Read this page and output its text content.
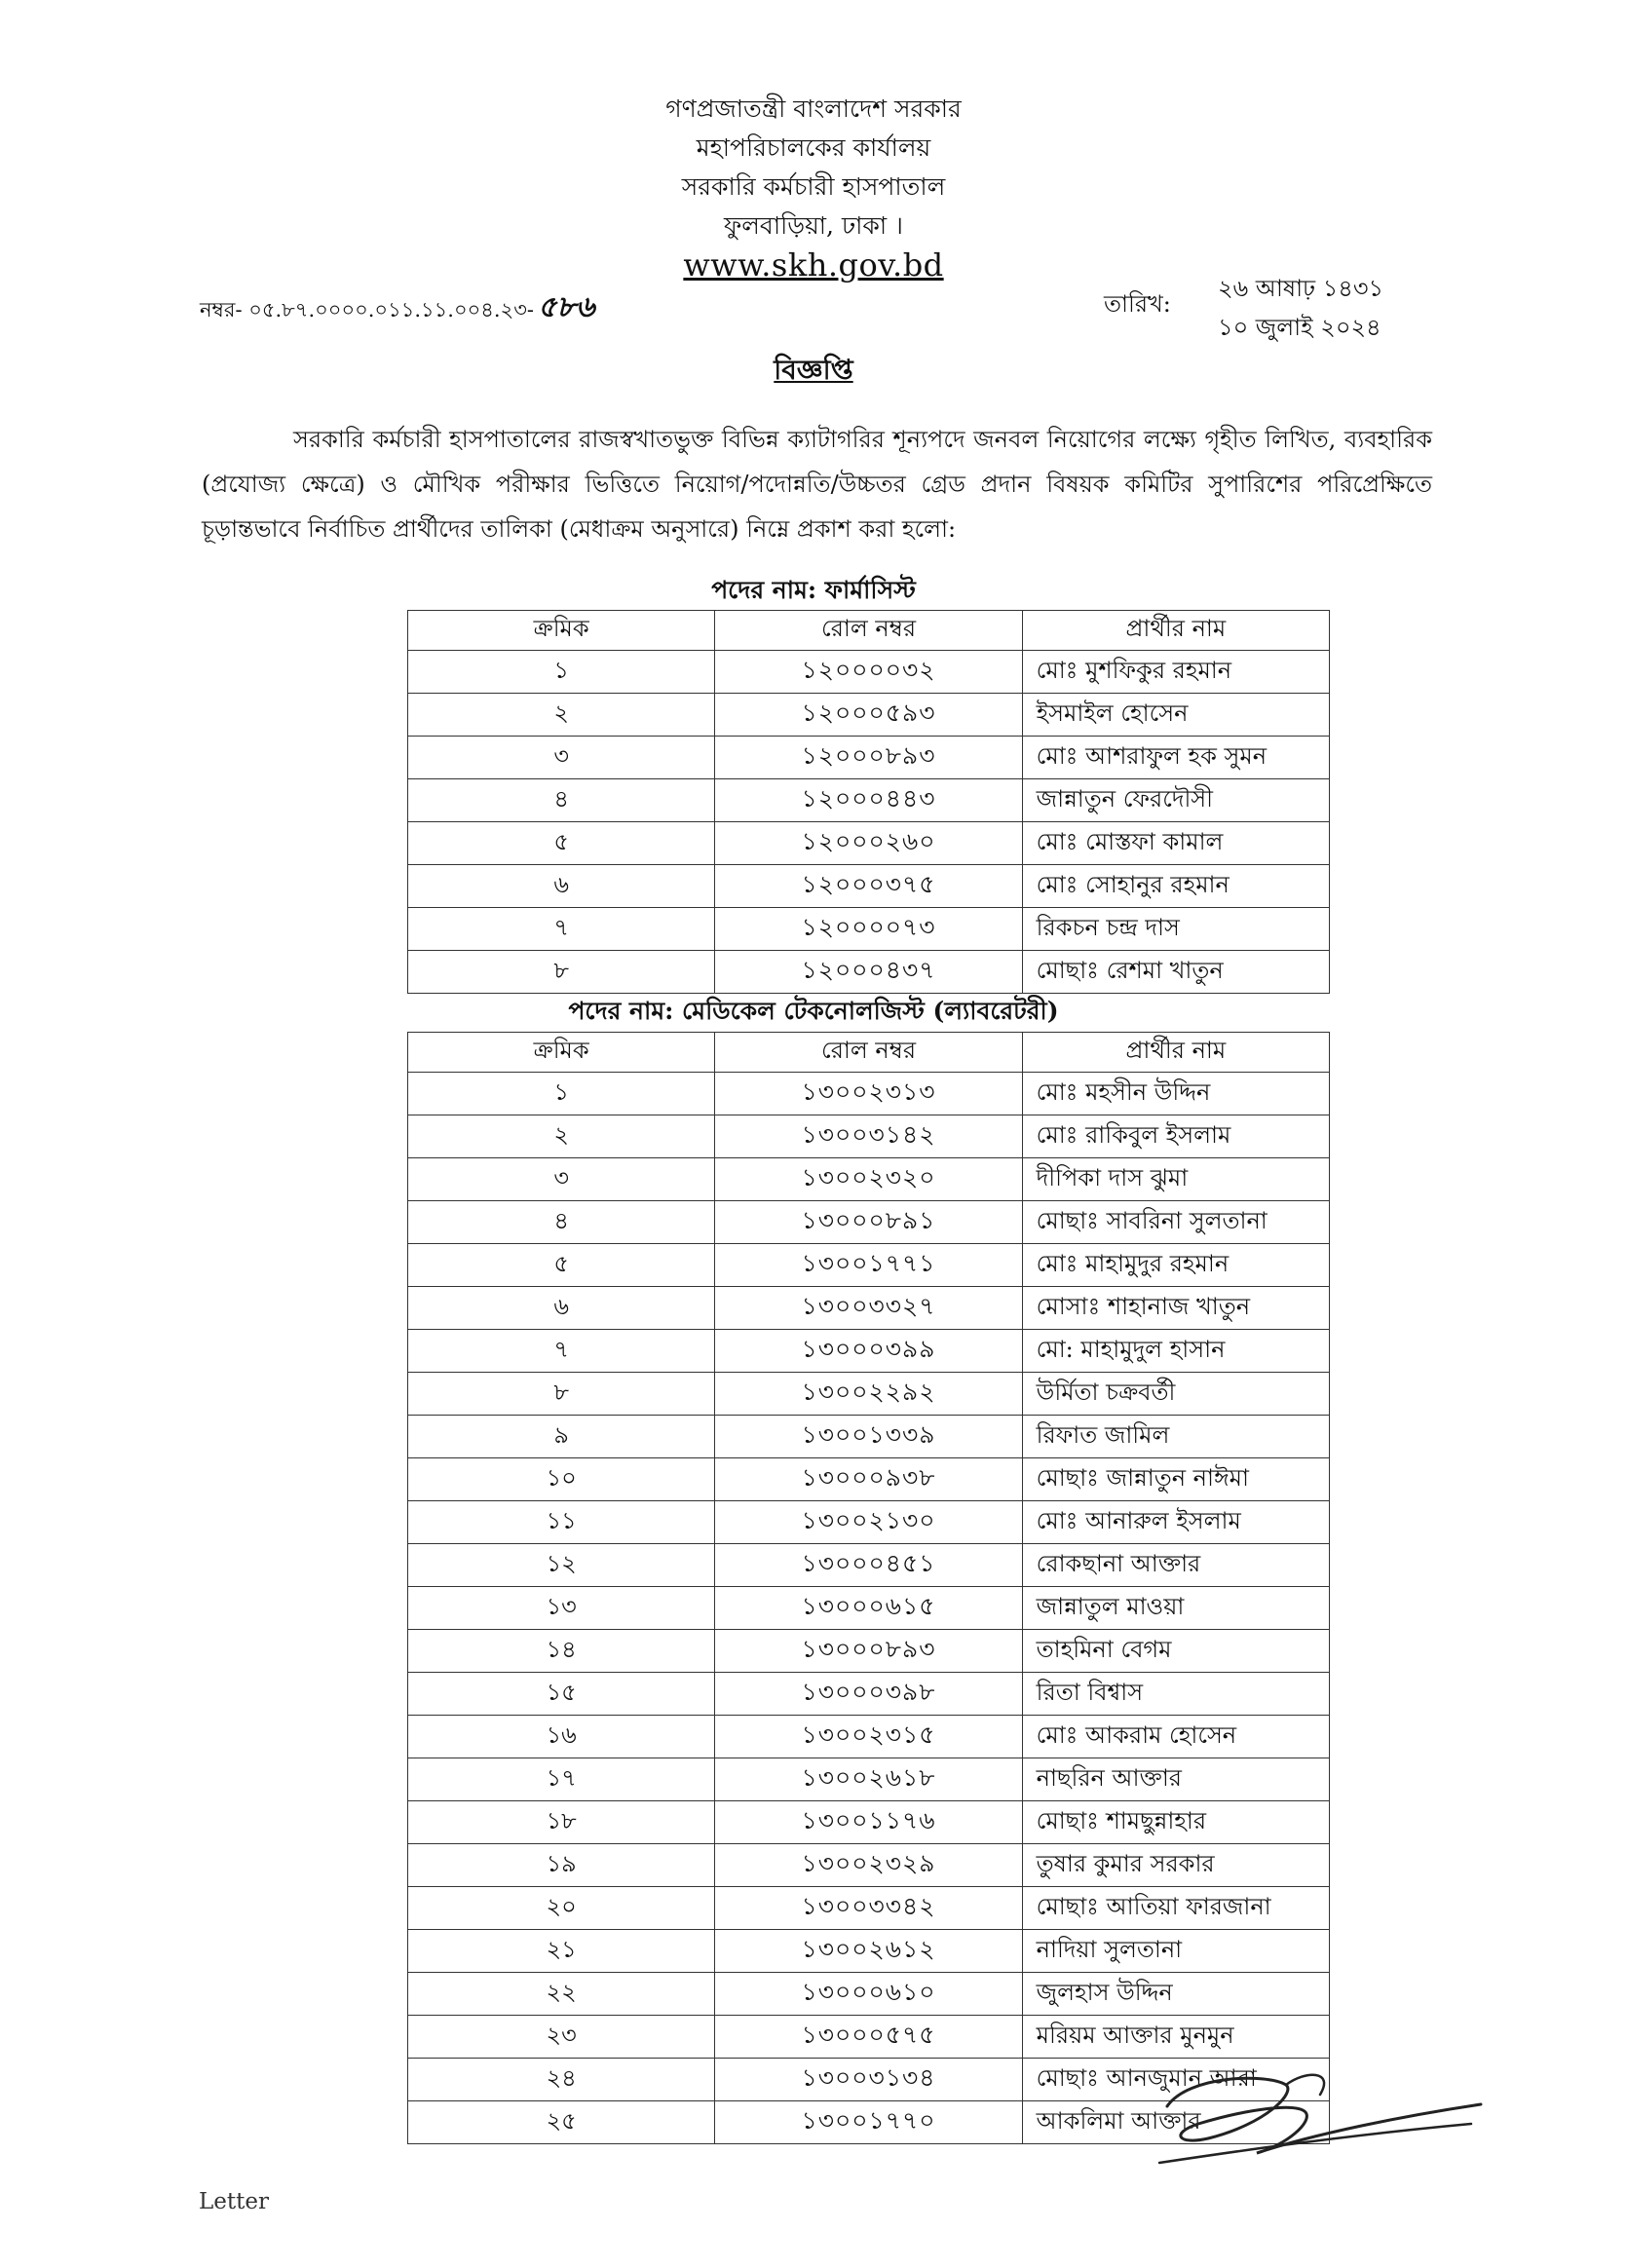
গণপ্রজাতন্ত্রী বাংলাদেশ সরকার
মহাপরিচালকের কার্যালয়
সরকারি কর্মচারী হাসপাতাল
ফুলবাড়িয়া, ঢাকা ।
www.skh.gov.bd
নম্বর- ০৫.৮৭.০০০০.০১১.১১.০০৪.২৩- ৫৮৬	তারিখ:
২৬ আষাঢ় ১৪৩১
১০ জুলাই ২০২৪
বিজ্ঞপ্তি
সরকারি কর্মচারী হাসপাতালের রাজস্বখাতভুক্ত বিভিন্ন ক্যাটাগরির শূন্যপদে জনবল নিয়োগের লক্ষ্যে গৃহীত লিখিত, ব্যবহারিক (প্রযোজ্য ক্ষেত্রে) ও মৌখিক পরীক্ষার ভিত্তিতে নিয়োগ/পদোন্নতি/উচ্চতর গ্রেড প্রদান বিষয়ক কমিটির সুপারিশের পরিপ্রেক্ষিতে চূড়ান্তভাবে নির্বাচিত প্রার্থীদের তালিকা (মেধাক্রম অনুসারে) নিম্নে প্রকাশ করা হলো:
পদের নাম: ফার্মাসিস্ট
ক্রমিক	রোল নম্বর	প্রার্থীর নাম
১	১২০০০০৩২	মোঃ মুশফিকুর রহমান
২	১২০০০৫৯৩	ইসমাইল হোসেন
৩	১২০০০৮৯৩	মোঃ আশরাফুল হক সুমন
৪	১২০০০৪৪৩	জান্নাতুন ফেরদৌসী
৫	১২০০০২৬০	মোঃ মোস্তফা কামাল
৬	১২০০০৩৭৫	মোঃ সোহানুর রহমান
৭	১২০০০০৭৩	রিকচন চন্দ্র দাস
৮	১২০০০৪৩৭	মোছাঃ রেশমা খাতুন
পদের নাম: মেডিকেল টেকনোলজিস্ট (ল্যাবরেটরী)
ক্রমিক	রোল নম্বর	প্রার্থীর নাম
১	১৩০০২৩১৩	মোঃ মহসীন উদ্দিন
২	১৩০০৩১৪২	মোঃ রাকিবুল ইসলাম
৩	১৩০০২৩২০	দীপিকা দাস ঝুমা
৪	১৩০০০৮৯১	মোছাঃ সাবরিনা সুলতানা
৫	১৩০০১৭৭১	মোঃ মাহামুদুর রহমান
৬	১৩০০৩৩২৭	মোসাঃ শাহানাজ খাতুন
৭	১৩০০০৩৯৯	মো: মাহামুদুল হাসান
৮	১৩০০২২৯২	উর্মিতা চক্রবর্তী
৯	১৩০০১৩৩৯	রিফাত জামিল
১০	১৩০০০৯৩৮	মোছাঃ জান্নাতুন নাঈমা
১১	১৩০০২১৩০	মোঃ আনারুল ইসলাম
১২	১৩০০০৪৫১	রোকছানা আক্তার
১৩	১৩০০০৬১৫	জান্নাতুল মাওয়া
১৪	১৩০০০৮৯৩	তাহমিনা বেগম
১৫	১৩০০০৩৯৮	রিতা বিশ্বাস
১৬	১৩০০২৩১৫	মোঃ আকরাম হোসেন
১৭	১৩০০২৬১৮	নাছরিন আক্তার
১৮	১৩০০১১৭৬	মোছাঃ শামছুন্নাহার
১৯	১৩০০২৩২৯	তুষার কুমার সরকার
২০	১৩০০৩৩৪২	মোছাঃ আতিয়া ফারজানা
২১	১৩০০২৬১২	নাদিয়া সুলতানা
২২	১৩০০০৬১০	জুলহাস উদ্দিন
২৩	১৩০০০৫৭৫	মরিয়ম আক্তার মুনমুন
২৪	১৩০০৩১৩৪	মোছাঃ আনজুমান আরা
২৫	১৩০০১৭৭০	আকলিমা আক্তার
Letter
